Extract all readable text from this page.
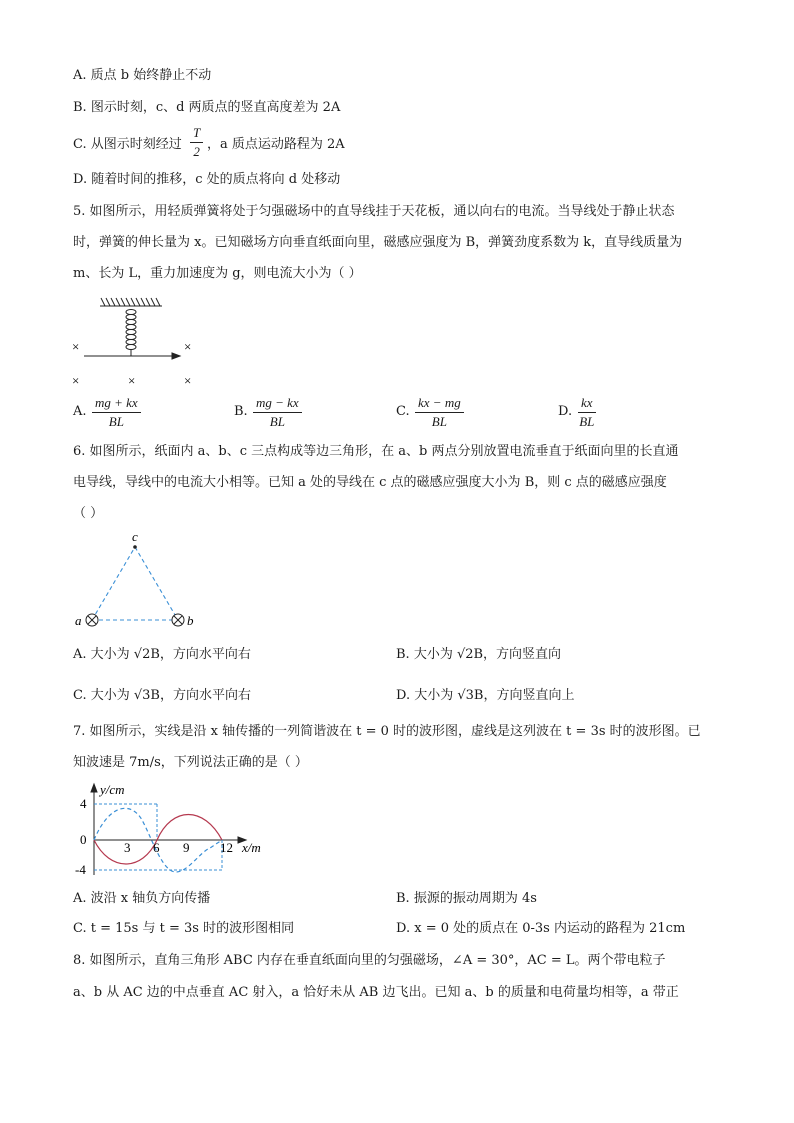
A. 质点 b 始终静止不动
B. 图示时刻，c、d 两质点的竖直高度差为 2A
C. 从图示时刻经过 $\frac{T}{2}$ ，a 质点运动路程为 2A
D. 随着时间的推移，c 处的质点将向 d 处移动
5. 如图所示，用轻质弹簧将处于匀强磁场中的直导线挂于天花板，通以向右的电流。当导线处于静止状态
时，弹簧的伸长量为 x。已知磁场方向垂直纸面向里，磁感应强度为 B，弹簧劲度系数为 k，直导线质量为
m、长为 L，重力加速度为 g，则电流大小为（ ）
×	×
×	×	×
A. $\frac{mg + kx}{BL}$	B. $\frac{mg - kx}{BL}$	C. $\frac{kx - mg}{BL}$	D. $\frac{kx}{BL}$
6. 如图所示，纸面内 a、b、c 三点构成等边三角形，在 a、b 两点分别放置电流垂直于纸面向里的长直通
电导线，导线中的电流大小相等。已知 a 处的导线在 c 点的磁感应强度大小为 B，则 c 点的磁感应强度
（ ）
c
a	b
A. 大小为 √2B，方向水平向右	B. 大小为 √2B，方向竖直向
C. 大小为 √3B，方向水平向右	D. 大小为 √3B，方向竖直向上
7. 如图所示，实线是沿 x 轴传播的一列简谐波在 t = 0 时的波形图，虚线是这列波在 t = 3s 时的波形图。已
知波速是 7m/s，下列说法正确的是（ ）
y/cm
x/m
4
0
-4
3 6 9 12
A. 波沿 x 轴负方向传播	B. 振源的振动周期为 4s
C. t = 15s 与 t = 3s 时的波形图相同	D. x = 0 处的质点在 0-3s 内运动的路程为 21cm
8. 如图所示，直角三角形 ABC 内存在垂直纸面向里的匀强磁场，∠A = 30°，AC = L。两个带电粒子
a、b 从 AC 边的中点垂直 AC 射入，a 恰好未从 AB 边飞出。已知 a、b 的质量和电荷量均相等，a 带正
